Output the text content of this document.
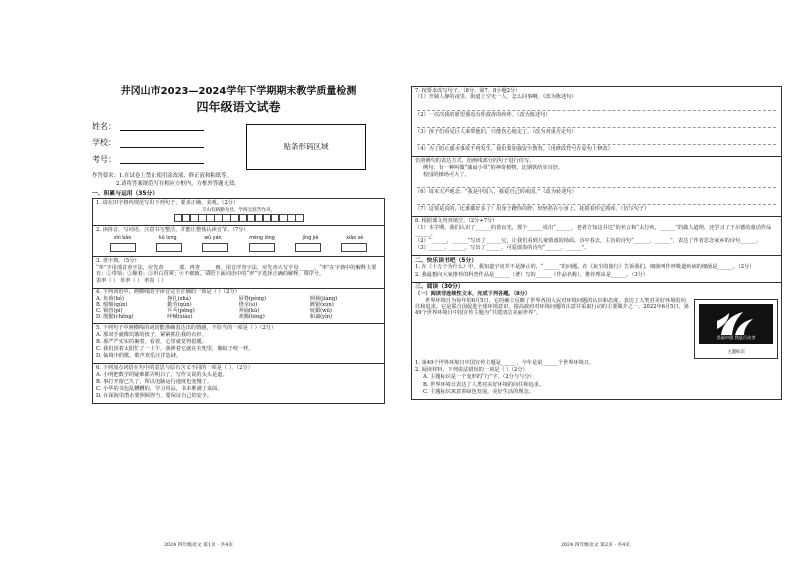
井冈山市2023—2024学年下学期期末教学质量检测
四年级语文试卷
姓名：
学校：
考号：
贴条形码区域
作答要求：1.在试卷上禁止使用涂改液、修正液和粘纸等。
2.请将答案规范写在相应方框内，方框外答题无效。
一、积累与运用（35分）
1. 请在田字格内规范写出下列句子，要求正确、美观。（2分）
丰山有路勤为径，学海无涯苦作舟。
2. 读拼音，写词语。注意书写整洁，并能让整体认读音节。（7分）
shì bǎo	kū long	wū yán	méng lóng	jìng jiè	xiǎo sè
3. 查字典。（5分）
“率”字用部首查字法，应先查______部，再查______画。用音序查字法，应先查大写字母______。“率”在字典中的解释主要有：①带领；②顺着；③坦白直爽；④不细致。请给下面词语中的“率”字选择正确的解释，填序号。
表率（ ） 草率（ ） 率真（ ）
4. 下列词语中，画横线的字读音完全正确的一项是（ ）（2分）
A. 负荷(hé)	挣扎(zhá)	屋脊(pèng)	倒扬(jiàng)
B. 船舶(qún)	勤劳(qún)	侥幸(sì)	镀银(xùn)
C. 锁扭(pì)	乒乓(pēng)	奔涌(kǔ)	妩媚(wǔ)
D. 殷勤(chěng)	呼喊(xiào)	欢腾(tēng)	和蔼(yǐn)
5. 下列句子中画横线的词语能准确表达出的情感，不恰当的一项是（ ）（2分）
A. 那双手就像饥饿的孩子，紧紧抓住我的衣衫。
B. 那严严实实的裹着，看着，心里就觉得很暖。
C. 我们顶着太阳忙了一上午，我禅着它就在衣兜里，像蚊子咬一样。
D. 仙境中的歌，歌声欢乐汪洋恣肆。
6. 下列加点词语在句中的意思与原有含义不同的一项是（ ）。（2分）
A. 小明把数学的疑难都弄明白了，写作文说的头头是道。
B. 事打开窗已久了，所以电脑运行速度也变慢了。
C. 小华的书包乱糟糟的，学习用品，书本堆满了桌面。
D. 在深海里潜水要照顾得当，要保证自己的安全。
2024 四年级语文 第1页 · 共4页
7. 按要求改写句子。（8分，第7、8小题2分）
（1）开阔人静的夜里，街道上空无一人，怎么回事啊。（改为陈述句）
（2）一次次我的愿望那没有你波涛的疾呼。（改为陈述句）
（3）孩子们看见巨人来带他们，只能伤心地走了。（改为双重否定句）
（4）为了防止溺水事故不再发生，我们要加强安全教育。（用修改符号在原句上修改）
仿照例句的表达方式，给画线部分的句子进行仿写。
例句：有一种叫做“蒲扇小草”的神奇植物，比钢铁结实百倍。
校园的操场可大了。
（6）周末大声地念：“我是中国人，我爱自己的祖国。”（改为转述句）
（7）这要是真的，比谁都好多了！用身子蹭你的脖，轻轻搭在小身上，抚摸着你它抓痒。（仿写句子）
8. 根据课文内容填空。（2分+7分）
（1）本学期，我们认识了______的善良光，那个______说出“______，老者方知这书达”的名言和“太行疾，______”的做人道理。还学习了王尔德的童话作品______。
（2）“______，______”写出了______它，让我们看到儿童嬉戏的场面。诗中春去，主旨的诗句“______，______”，表达了作者思念家乡的诗句______。
（3）______，______，写出了______，可爱演奏的诗句“______，______”。
二、快乐读书吧（5分）
1. 在《十万个为什么》中，我知道宇宙并不是静止的，“______”的问题。在《灰尘的旅行》告诉我们，细菌叫作呼吸道疾病的细菌是______。（2分）
2. 我最想向大家推荐的科普作品是______（著）写的______（作品名称），推荐理由是______。（3分）
三、阅读（30分）
（一）阅读非连续性文本，完成下列各题。（8分）
美丽中国 我是行动者
主题标识
世界环境日为每年的6月5日，它的确立反映了世界各国人民对环境问题的认识和态度，表达了人类对美好环境的向往和追求。它是联合国促进全球环境意识、提高政府对环境问题的注意并采取行动的主要媒介之一。2022年6月5日，第49个世界环境日中国宣传主题为“共建清洁美丽世界”。
1. 第49个世界环境日中国宣传主题是______，今年是第______个世界环境日。
2. 阅读材料，下列说法错误的一项是（ ）（2分）
A. 主题标识是一个变形的“行”字。（2分与与分）
B. 世界环境日表达了人类对美好环境的向往和追求。
C. 主题标识寓意着绿色发展，美好生活的理念。
2024 四年级语文 第2页 · 共4页
